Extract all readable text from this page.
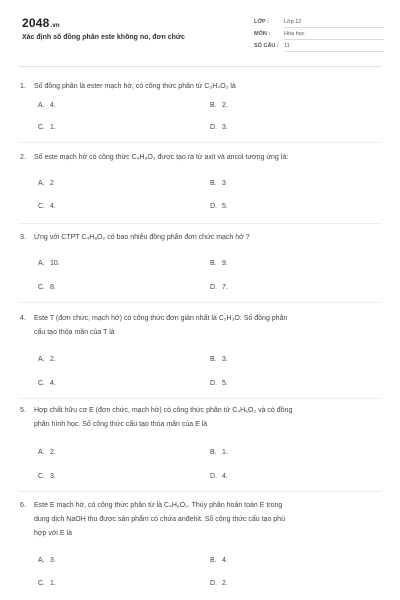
2048.vn
Xác định số đồng phân este không no, đơn chức
LỚP :	Lớp 12
MÔN :	Hóa học
SỐ CÂU : 11
1. Số đồng phân là ester mạch hở, có công thức phân tử C₃H₄O₂ là
A. 4.	B. 2.
C. 1.	D. 3.
2. Số este mạch hở có công thức C₄H₆O₂ được tạo ra từ axit và ancol tương ứng là:
A. 2	B. 3
C. 4.	D. 5.
3. Ứng với CTPT C₄H₆O₂ có bao nhiêu đồng phân đơn chức mạch hở ?
A. 10.	B. 9.
C. 8.	D. 7.
4. Este T (đơn chức, mạch hở) có công thức đơn giản nhất là C₂H₃O. Số đồng phân
cấu tạo thỏa mãn của T là
A. 2.	B. 3.
C. 4.	D. 5.
5. Hợp chất hữu cơ E (đơn chức, mạch hở) có công thức phân tử C₄H₆O₂ và có đồng
phân hình học. Số công thức cấu tạo thỏa mãn của E là
A. 2.	B. 1.
C. 3.	D. 4.
6. Este E mạch hở, có công thức phân tử là C₄H₆O₂. Thủy phân hoàn toàn E trong
dung dịch NaOH thu được sản phẩm có chứa anđehit. Số công thức cấu tạo phù
hợp với E là
A. 3.	B. 4.
C. 1.	D. 2.
